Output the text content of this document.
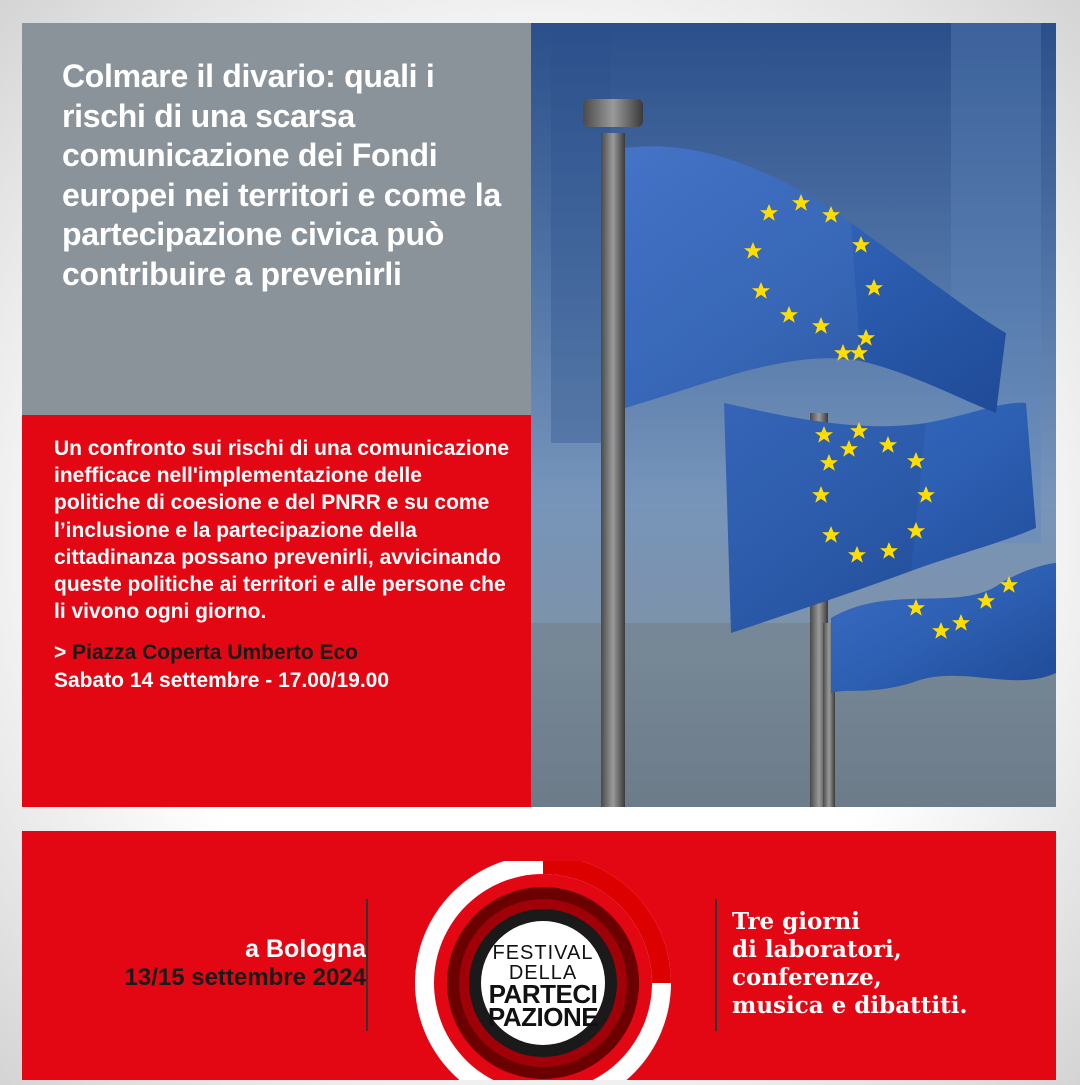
Colmare il divario: quali i rischi di una scarsa comunicazione dei Fondi europei nei territori e come la partecipazione civica può contribuire a prevenirli

Un confronto sui rischi di una comunicazione inefficace nell'implementazione delle politiche di coesione e del PNRR e su come l’inclusione e la partecipazione della cittadinanza possano prevenirli, avvicinando queste politiche ai territori e alle persone che li vivono ogni giorno.

> Piazza Coperta Umberto Eco

Sabato 14 settembre - 17.00/19.00

a Bologna

13/15 settembre 2024

FESTIVAL
DELLA
PARTECI
PAZIONE

Tre giorni
di laboratori,
conferenze,
musica e dibattiti.
